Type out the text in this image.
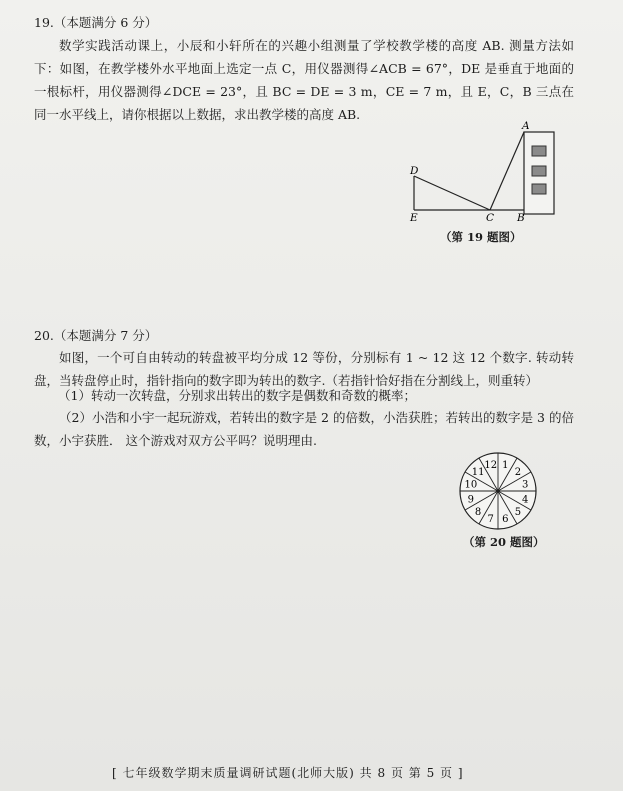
19.（本题满分 6 分）

数学实践活动课上，小辰和小轩所在的兴趣小组测量了学校教学楼的高度 AB. 测量方法如下：如图，在教学楼外水平地面上选定一点 C，用仪器测得∠ACB = 67°，DE 是垂直于地面的一根标杆，用仪器测得∠DCE = 23°，且 BC = DE = 3 m，CE = 7 m，且 E，C，B 三点在同一水平线上，请你根据以上数据，求出教学楼的高度 AB.

A
D
E	C B
（第 19 题图）
20.（本题满分 7 分）

如图，一个可自由转动的转盘被平均分成 12 等份，分别标有 1 ~ 12 这 12 个数字. 转动转盘，当转盘停止时，指针指向的数字即为转出的数字.（若指针恰好指在分割线上，则重转）

（1）转动一次转盘，分别求出转出的数字是偶数和奇数的概率；

（2）小浩和小宇一起玩游戏，若转出的数字是 2 的倍数，小浩获胜；若转出的数字是 3 的倍数，小宇获胜． 这个游戏对双方公平吗？说明理由.

1
2
3
4
5
6
7
8
9
10
11
12
（第 20 题图）
[ 七年级数学期末质量调研试题(北师大版) 共 8 页 第 5 页 ]
